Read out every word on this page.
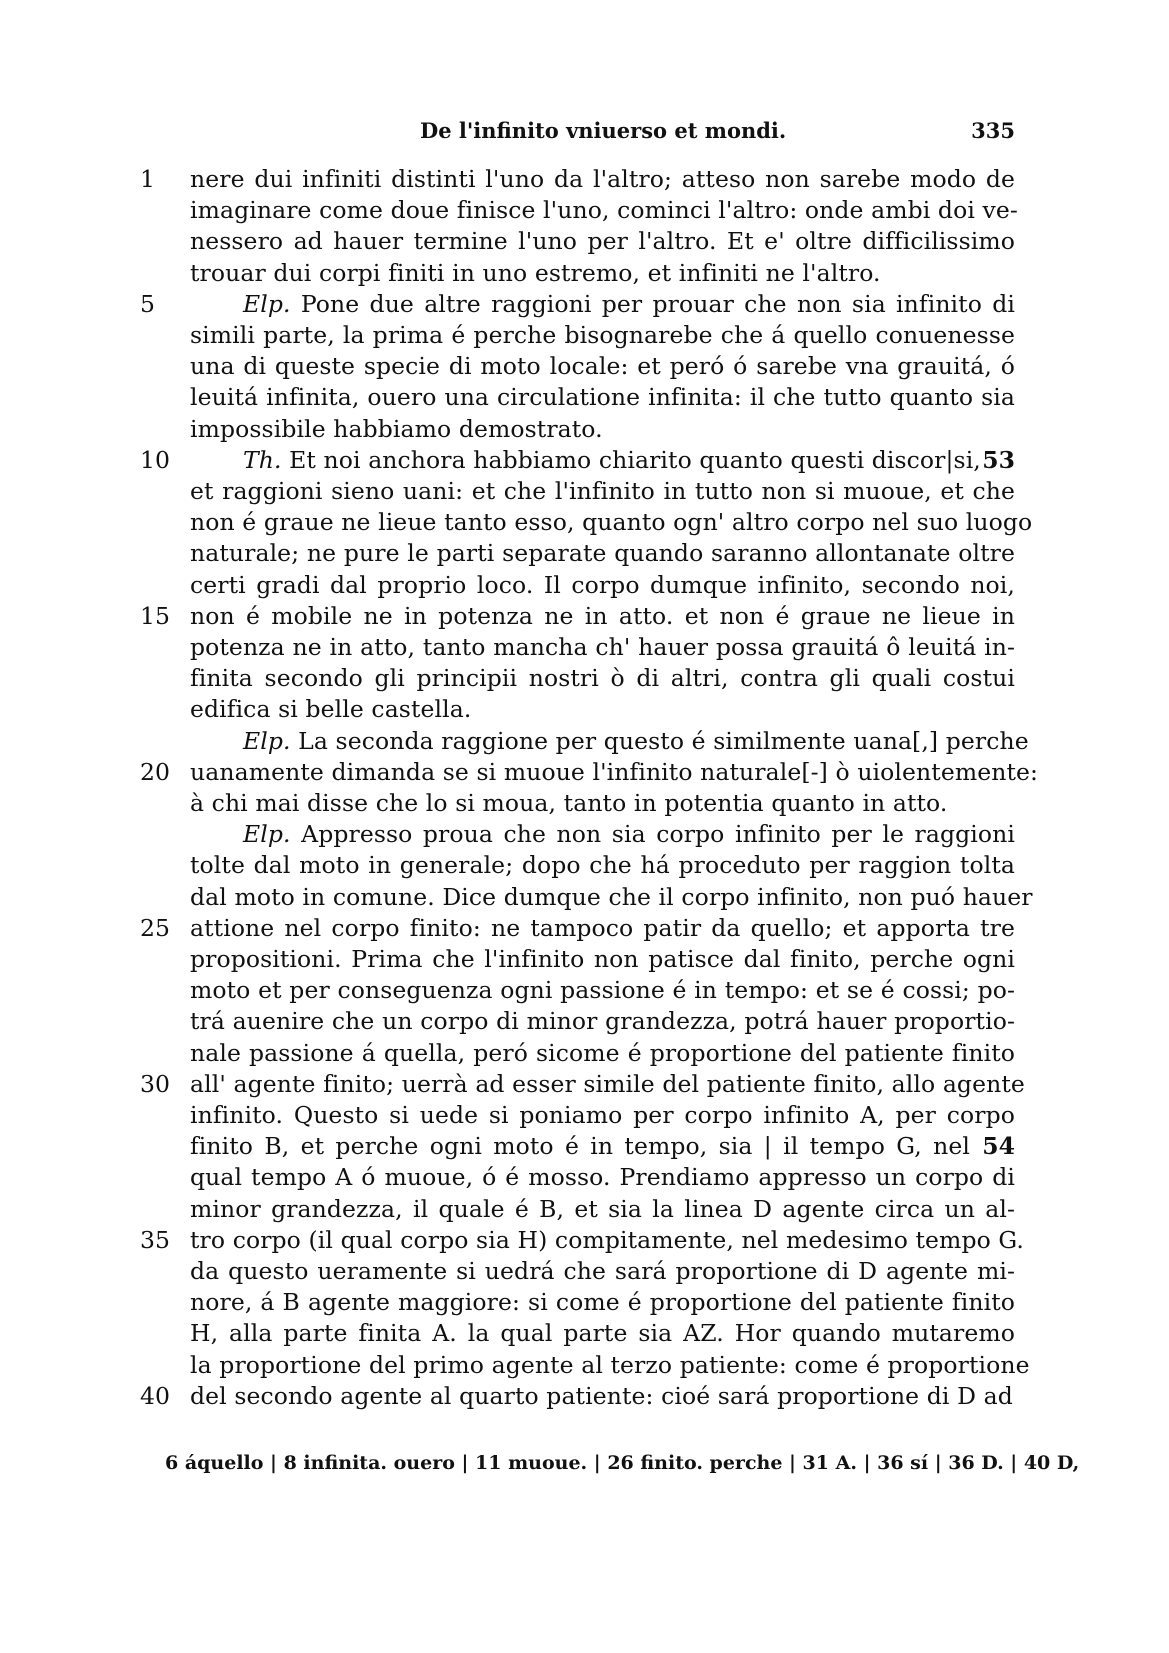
De l'infinito vniuerso et mondi.	335
1	nere dui infiniti distinti l'uno da l'altro; atteso non sarebe modo de
imaginare come doue finisce l'uno, cominci l'altro: onde ambi doi ve-
nessero ad hauer termine l'uno per l'altro. Et e' oltre difficilissimo
trouar dui corpi finiti in uno estremo, et infiniti ne l'altro.
5	Elp. Pone due altre raggioni per prouar che non sia infinito di
simili parte, la prima é perche bisognarebe che á quello conuenesse
una di queste specie di moto locale: et peró ó sarebe vna grauitá, ó
leuitá infinita, ouero una circulatione infinita: il che tutto quanto sia
impossibile habbiamo demostrato.
10	Th. Et noi anchora habbiamo chiarito quanto questi discor|si, 53
et raggioni sieno uani: et che l'infinito in tutto non si muoue, et che
non é graue ne lieue tanto esso, quanto ogn' altro corpo nel suo luogo
naturale; ne pure le parti separate quando saranno allontanate oltre
certi gradi dal proprio loco. Il corpo dumque infinito, secondo noi,
15 non é mobile ne in potenza ne in atto. et non é graue ne lieue in
potenza ne in atto, tanto mancha ch' hauer possa grauitá ô leuitá in-
finita secondo gli principii nostri ò di altri, contra gli quali costui
edifica si belle castella.
Elp. La seconda raggione per questo é similmente uana[,] perche
20 uanamente dimanda se si muoue l'infinito naturale[-] ò uiolentemente:
à chi mai disse che lo si moua, tanto in potentia quanto in atto.
Elp. Appresso proua che non sia corpo infinito per le raggioni
tolte dal moto in generale; dopo che há proceduto per raggion tolta
dal moto in comune. Dice dumque che il corpo infinito, non puó hauer
25 attione nel corpo finito: ne tampoco patir da quello; et apporta tre
propositioni. Prima che l'infinito non patisce dal finito, perche ogni
moto et per conseguenza ogni passione é in tempo: et se é cossi; po-
trá auenire che un corpo di minor grandezza, potrá hauer proportio-
nale passione á quella, peró sicome é proportione del patiente finito
30 all' agente finito; uerrà ad esser simile del patiente finito, allo agente
infinito. Questo si uede si poniamo per corpo infinito A, per corpo
finito B, et perche ogni moto é in tempo, sia | il tempo G, nel 54
qual tempo A ó muoue, ó é mosso. Prendiamo appresso un corpo di
minor grandezza, il quale é B, et sia la linea D agente circa un al-
35 tro corpo (il qual corpo sia H) compitamente, nel medesimo tempo G.
da questo ueramente si uedrá che sará proportione di D agente mi-
nore, á B agente maggiore: si come é proportione del patiente finito
H, alla parte finita A. la qual parte sia AZ. Hor quando mutaremo
la proportione del primo agente al terzo patiente: come é proportione
40 del secondo agente al quarto patiente: cioé sará proportione di D ad
6 áquello | 8 infinita. ouero | 11 muoue. | 26 finito. perche | 31 A. | 36 sí | 36 D. | 40 D,
